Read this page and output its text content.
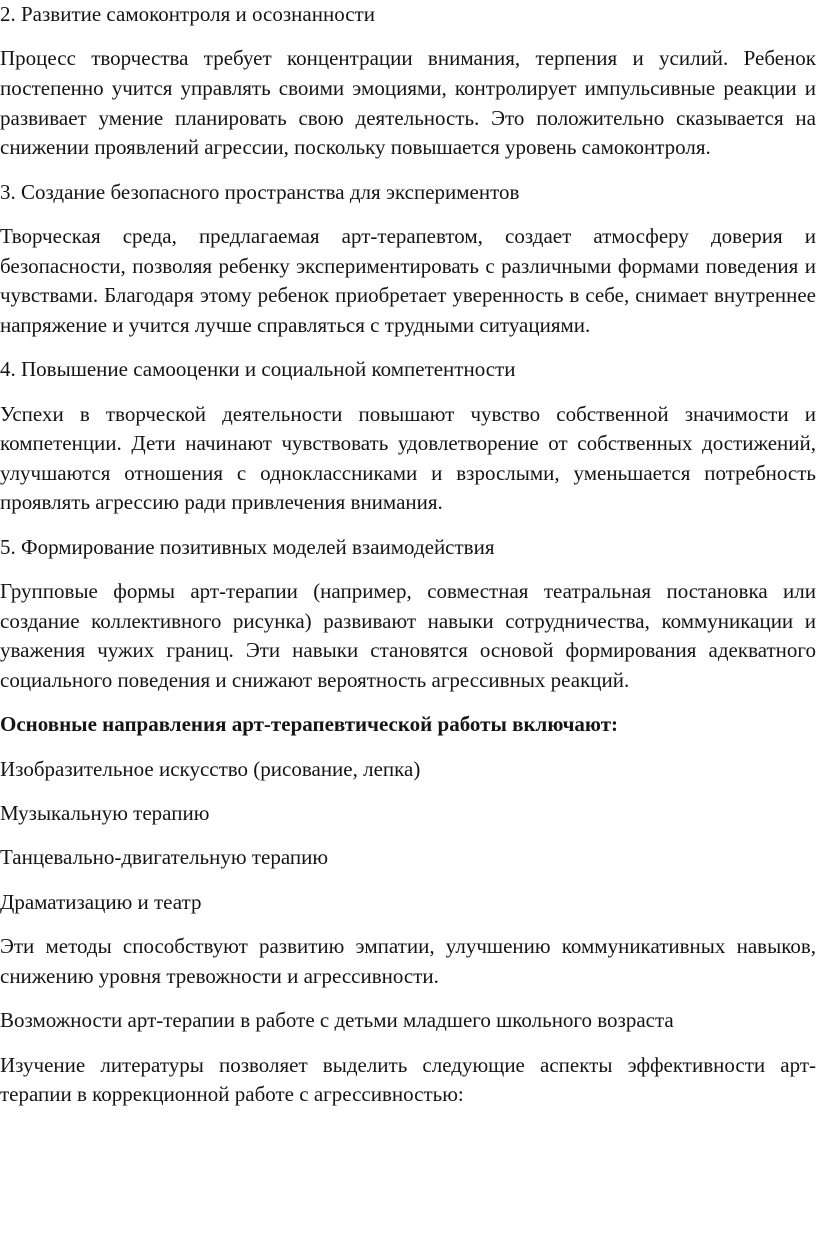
2. Развитие самоконтроля и осознанности

Процесс творчества требует концентрации внимания, терпения и усилий. Ребенок постепенно учится управлять своими эмоциями, контролирует импульсивные реакции и развивает умение планировать свою деятельность. Это положительно сказывается на снижении проявлений агрессии, поскольку повышается уровень самоконтроля.

3. Создание безопасного пространства для экспериментов

Творческая среда, предлагаемая арт-терапевтом, создает атмосферу доверия и безопасности, позволяя ребенку экспериментировать с различными формами поведения и чувствами. Благодаря этому ребенок приобретает уверенность в себе, снимает внутреннее напряжение и учится лучше справляться с трудными ситуациями.

4. Повышение самооценки и социальной компетентности

Успехи в творческой деятельности повышают чувство собственной значимости и компетенции. Дети начинают чувствовать удовлетворение от собственных достижений, улучшаются отношения с одноклассниками и взрослыми, уменьшается потребность проявлять агрессию ради привлечения внимания.

5. Формирование позитивных моделей взаимодействия

Групповые формы арт-терапии (например, совместная театральная постановка или создание коллективного рисунка) развивают навыки сотрудничества, коммуникации и уважения чужих границ. Эти навыки становятся основой формирования адекватного социального поведения и снижают вероятность агрессивных реакций.

Основные направления арт-терапевтической работы включают:

Изобразительное искусство (рисование, лепка)

Музыкальную терапию

Танцевально-двигательную терапию

Драматизацию и театр

Эти методы способствуют развитию эмпатии, улучшению коммуникативных навыков, снижению уровня тревожности и агрессивности.

Возможности арт-терапии в работе с детьми младшего школьного возраста

Изучение литературы позволяет выделить следующие аспекты эффективности арт-терапии в коррекционной работе с агрессивностью:
